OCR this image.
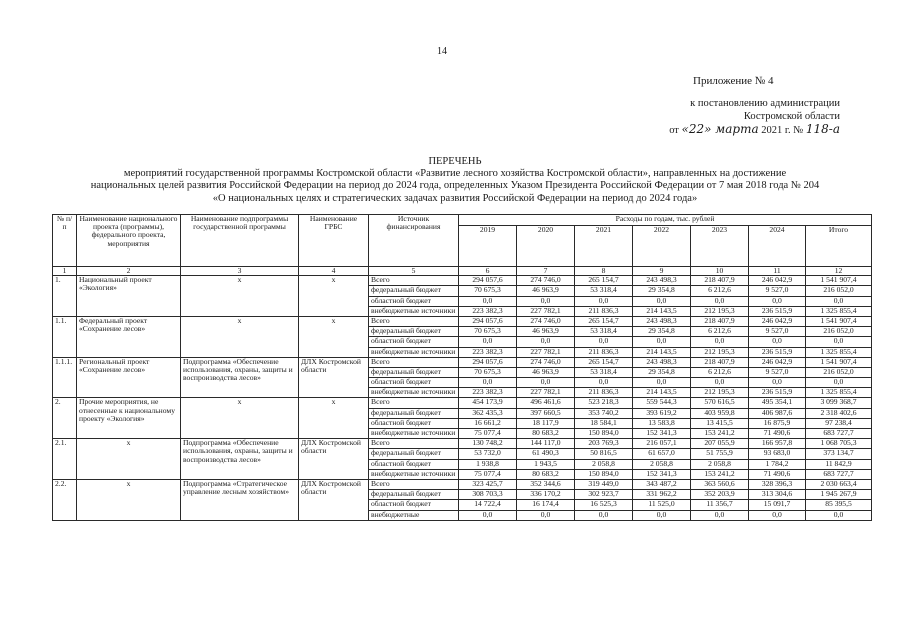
14
Приложение № 4
к постановлению администрации
Костромской области
от «22» марта 2021 г. № 118-а
ПЕРЕЧЕНЬ
мероприятий государственной программы Костромской области «Развитие лесного хозяйства Костромской области», направленных на достижение
национальных целей развития Российской Федерации на период до 2024 года, определенных Указом Президента Российской Федерации от 7 мая 2018 года № 204
«О национальных целях и стратегических задачах развития Российской Федерации на период до 2024 года»
№ п/п	Наименование национального проекта (программы), федерального проекта, мероприятия	Наименование подпрограммы государственной программы	Наименование ГРБС	Источник финансирования	Расходы по годам, тыс. рублей						
					2019	2020	2021	2022	2023	2024	Итого
1	2	3	4	5	6	7	8	9	10	11	12
1.	Национальный проект «Экология»	х	х	Всего	294 057,6	274 746,0	265 154,7	243 498,3	218 407,9	246 042,9	1 541 907,4
				федеральный бюджет	70 675,3	46 963,9	53 318,4	29 354,8	6 212,6	9 527,0	216 052,0
				областной бюджет	0,0	0,0	0,0	0,0	0,0	0,0	0,0
				внебюджетные источники	223 382,3	227 782,1	211 836,3	214 143,5	212 195,3	236 515,9	1 325 855,4
1.1.	Федеральный проект «Сохранение лесов»	х	х	Всего	294 057,6	274 746,0	265 154,7	243 498,3	218 407,9	246 042,9	1 541 907,4
				федеральный бюджет	70 675,3	46 963,9	53 318,4	29 354,8	6 212,6	9 527,0	216 052,0
				областной бюджет	0,0	0,0	0,0	0,0	0,0	0,0	0,0
				внебюджетные источники	223 382,3	227 782,1	211 836,3	214 143,5	212 195,3	236 515,9	1 325 855,4
1.1.1.	Региональный проект «Сохранение лесов»	Подпрограмма «Обеспечение использования, охраны, защиты и воспроизводства лесов»	ДЛХ Костромской области	Всего	294 057,6	274 746,0	265 154,7	243 498,3	218 407,9	246 042,9	1 541 907,4
				федеральный бюджет	70 675,3	46 963,9	53 318,4	29 354,8	6 212,6	9 527,0	216 052,0
				областной бюджет	0,0	0,0	0,0	0,0	0,0	0,0	0,0
				внебюджетные источники	223 382,3	227 782,1	211 836,3	214 143,5	212 195,3	236 515,9	1 325 855,4
2.	Прочие мероприятия, не отнесенные к национальному проекту «Экология»	х	х	Всего	454 173,9	496 461,6	523 218,3	559 544,3	570 616,5	495 354,1	3 099 368,7
				федеральный бюджет	362 435,3	397 660,5	353 740,2	393 619,2	403 959,8	406 987,6	2 318 402,6
				областной бюджет	16 661,2	18 117,9	18 584,1	13 583,8	13 415,5	16 875,9	97 238,4
				внебюджетные источники	75 077,4	80 683,2	150 894,0	152 341,3	153 241,2	71 490,6	683 727,7
2.1.	х	Подпрограмма «Обеспечение использования, охраны, защиты и воспроизводства лесов»	ДЛХ Костромской области	Всего	130 748,2	144 117,0	203 769,3	216 057,1	207 055,9	166 957,8	1 068 705,3
				федеральный бюджет	53 732,0	61 490,3	50 816,5	61 657,0	51 755,9	93 683,0	373 134,7
				областной бюджет	1 938,8	1 943,5	2 058,8	2 058,8	2 058,8	1 784,2	11 842,9
				внебюджетные источники	75 077,4	80 683,2	150 894,0	152 341,3	153 241,2	71 490,6	683 727,7
2.2.	х	Подпрограмма «Стратегическое управление лесным хозяйством»	ДЛХ Костромской области	Всего	323 425,7	352 344,6	319 449,0	343 487,2	363 560,6	328 396,3	2 030 663,4
				федеральный бюджет	308 703,3	336 170,2	302 923,7	331 962,2	352 203,9	313 304,6	1 945 267,9
				областной бюджет	14 722,4	16 174,4	16 525,3	11 525,0	11 356,7	15 091,7	85 395,5
				внебюджетные	0,0	0,0	0,0	0,0	0,0	0,0	0,0
